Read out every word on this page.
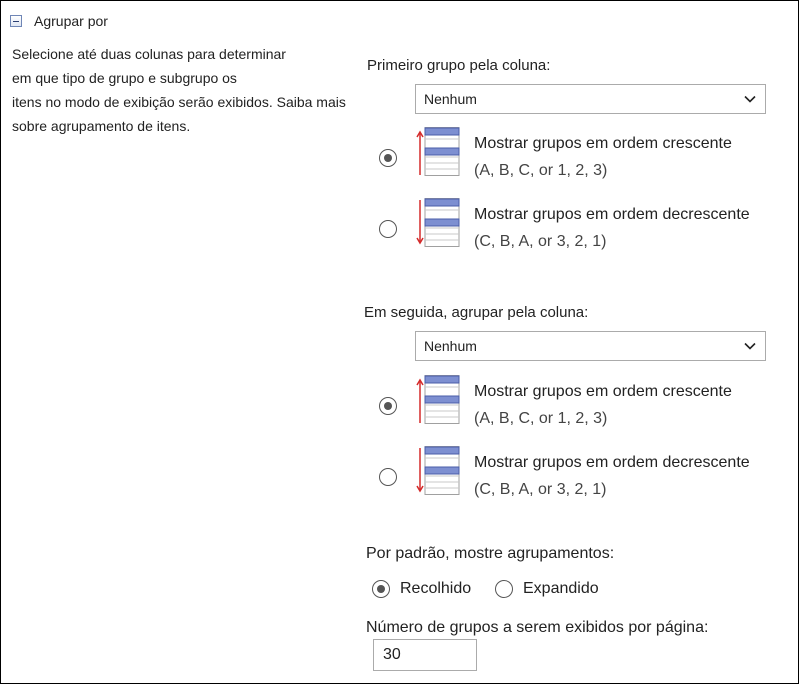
Agrupar por
Selecione até duas colunas para determinar
em que tipo de grupo e subgrupo os
itens no modo de exibição serão exibidos. Saiba mais
sobre agrupamento de itens.
Primeiro grupo pela coluna:
Nenhum
Mostrar grupos em ordem crescente
(A, B, C, or 1, 2, 3)
Mostrar grupos em ordem decrescente
(C, B, A, or 3, 2, 1)
Em seguida, agrupar pela coluna:
Nenhum
Mostrar grupos em ordem crescente
(A, B, C, or 1, 2, 3)
Mostrar grupos em ordem decrescente
(C, B, A, or 3, 2, 1)
Por padrão, mostre agrupamentos:
Recolhido	Expandido
Número de grupos a serem exibidos por página:
30
